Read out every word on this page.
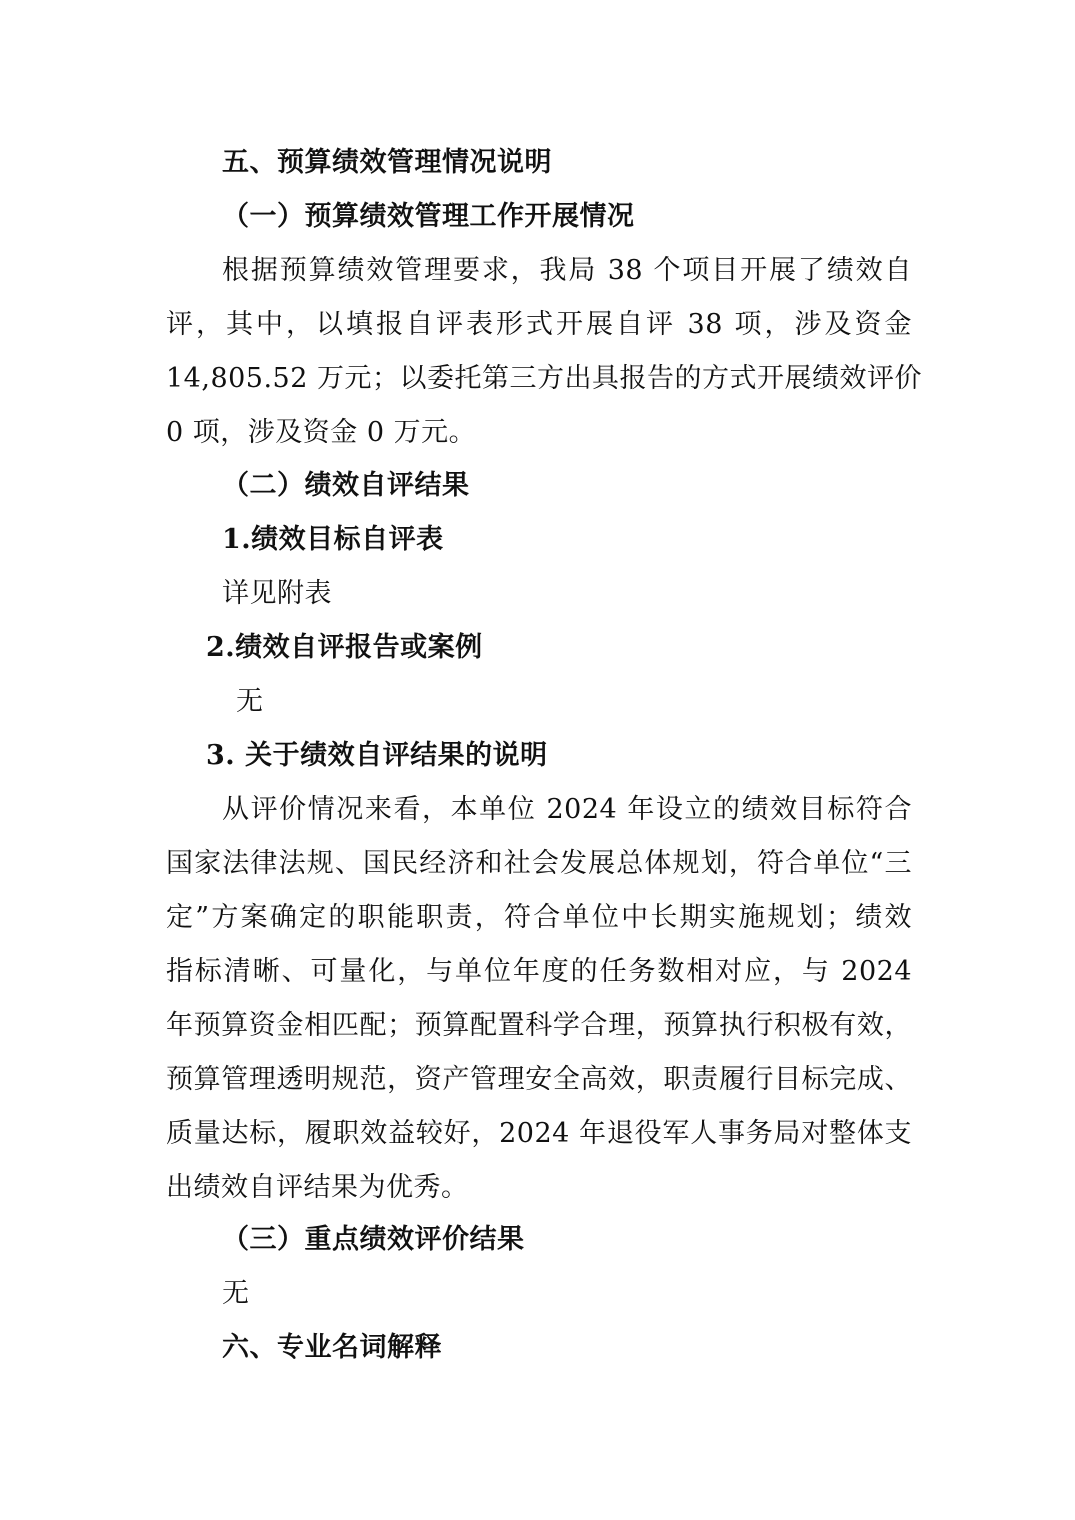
五、预算绩效管理情况说明
（一）预算绩效管理工作开展情况
根据预算绩效管理要求，我局 38 个项目开展了绩效自
评，其中，以填报自评表形式开展自评 38 项，涉及资金
14,805.52 万元；以委托第三方出具报告的方式开展绩效评价
0 项，涉及资金 0 万元。
（二）绩效自评结果
1.绩效目标自评表
详见附表
2.绩效自评报告或案例
无
3. 关于绩效自评结果的说明
从评价情况来看，本单位 2024 年设立的绩效目标符合
国家法律法规、国民经济和社会发展总体规划，符合单位“三
定”方案确定的职能职责，符合单位中长期实施规划；绩效
指标清晰、可量化，与单位年度的任务数相对应，与 2024
年预算资金相匹配；预算配置科学合理，预算执行积极有效，
预算管理透明规范，资产管理安全高效，职责履行目标完成、
质量达标，履职效益较好，2024 年退役军人事务局对整体支
出绩效自评结果为优秀。
（三）重点绩效评价结果
无
六、专业名词解释
